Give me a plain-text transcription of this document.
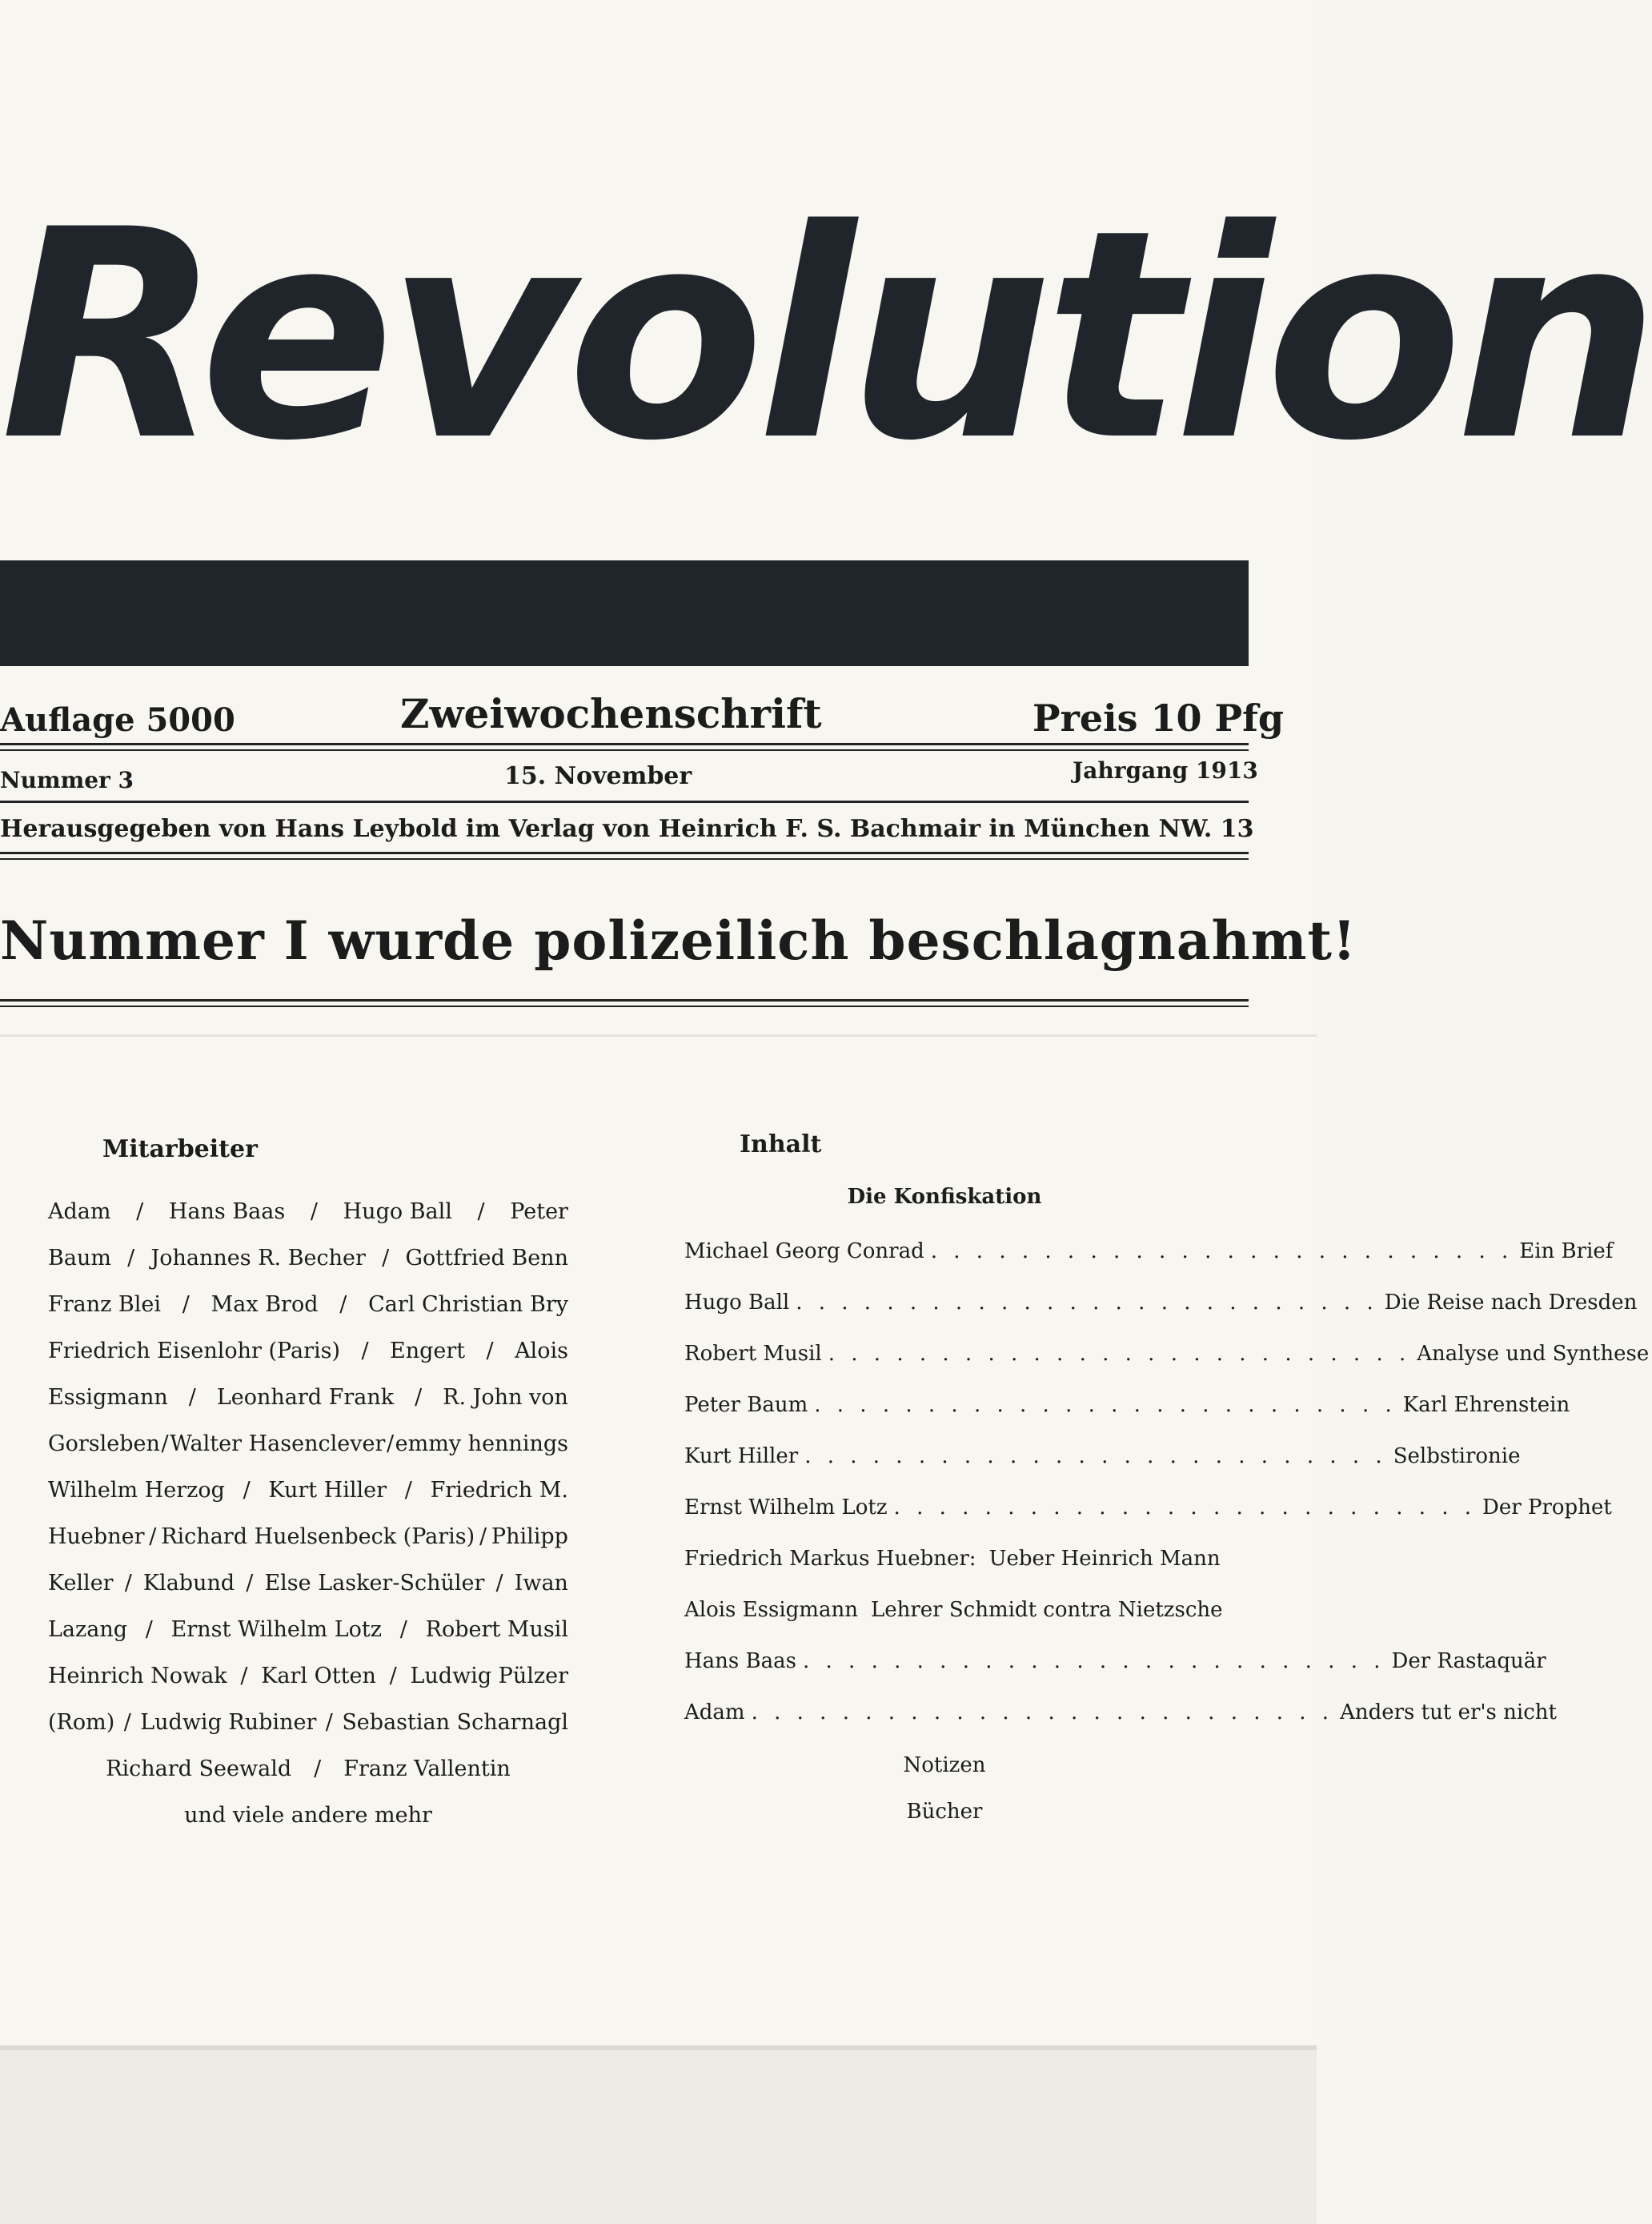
Revolution
Auflage 5000	Zweiwochenschrift	Preis 10 Pfg
Nummer 3	15. November	Jahrgang 1913
Herausgegeben von Hans Leybold im Verlag von Heinrich F. S. Bachmair in München NW. 13
Nummer I wurde polizeilich beschlagnahmt!
Mitarbeiter
Adam / Hans Baas / Hugo Ball / Peter
Baum / Johannes R. Becher / Gottfried Benn
Franz Blei / Max Brod / Carl Christian Bry
Friedrich Eisenlohr (Paris) / Engert / Alois
Essigmann / Leonhard Frank / R. John von
Gorsleben / Walter Hasenclever / emmy hennings
Wilhelm Herzog / Kurt Hiller / Friedrich M.
Huebner / Richard Huelsenbeck (Paris) / Philipp
Keller / Klabund / Else Lasker-Schüler / Iwan
Lazang / Ernst Wilhelm Lotz / Robert Musil
Heinrich Nowak / Karl Otten / Ludwig Pülzer
(Rom) / Ludwig Rubiner / Sebastian Scharnagl
Richard Seewald / Franz Vallentin
und viele andere mehr
Inhalt
Die Konfiskation
Michael Georg Conrad . . . . . . . . . . . . . . . . . . . . . . . . . . Ein Brief
Hugo Ball . . . . . . . . . . . . . . . . . . . . . . . . . . Die Reise nach Dresden
Robert Musil . . . . . . . . . . . . . . . . . . . . . . . . . . Analyse und Synthese
Peter Baum . . . . . . . . . . . . . . . . . . . . . . . . . . Karl Ehrenstein
Kurt Hiller . . . . . . . . . . . . . . . . . . . . . . . . . . Selbstironie
Ernst Wilhelm Lotz . . . . . . . . . . . . . . . . . . . . . . . . . . Der Prophet
Friedrich Markus Huebner: Ueber Heinrich Mann
Alois Essigmann Lehrer Schmidt contra Nietzsche
Hans Baas . . . . . . . . . . . . . . . . . . . . . . . . . . Der Rastaquär
Adam . . . . . . . . . . . . . . . . . . . . . . . . . . Anders tut er's nicht
Notizen
Bücher
